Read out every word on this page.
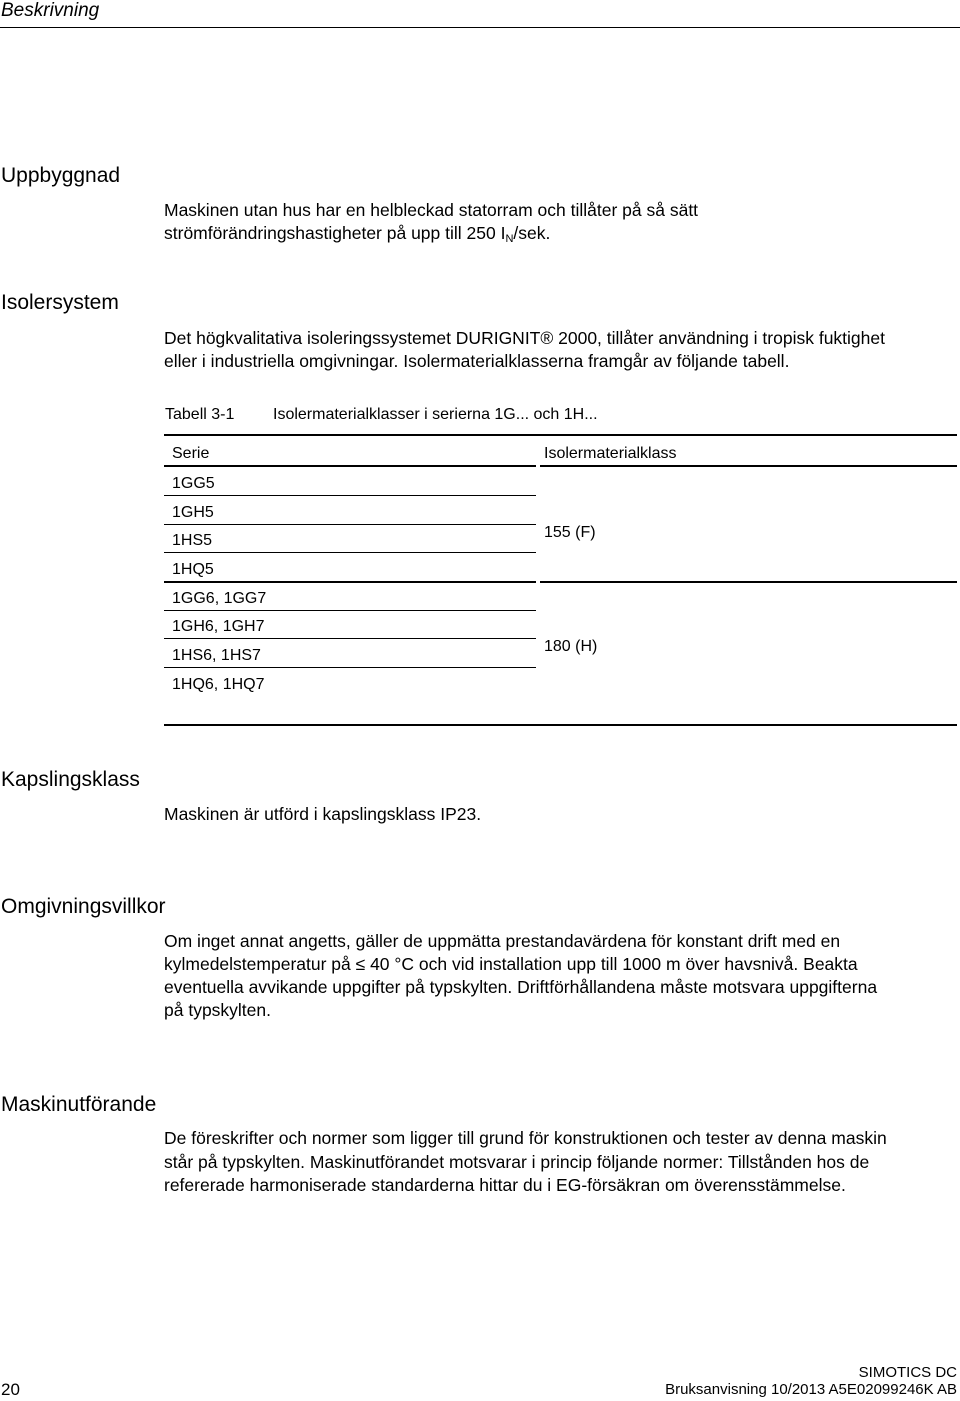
Beskrivning
Uppbyggnad
Maskinen utan hus har en helbleckad statorram och tillåter på så sätt
strömförändringshastigheter på upp till 250 $I_N$/sek.
Isolersystem
Det högkvalitativa isoleringssystemet DURIGNIT® 2000, tillåter användning i tropisk fuktighet
eller i industriella omgivningar. Isolermaterialklasserna framgår av följande tabell.
Tabell 3-1 Isolermaterialklasser i serierna 1G... och 1H...
Serie	Isolermaterialklass
1GG5
1GH5
1HS5
1HQ5
155 (F)
1GG6, 1GG7
1GH6, 1GH7
1HS6, 1HS7
1HQ6, 1HQ7
180 (H)
Kapslingsklass
Maskinen är utförd i kapslingsklass IP23.
Omgivningsvillkor
Om inget annat angetts, gäller de uppmätta prestandavärdena för konstant drift med en
kylmedelstemperatur på ≤ 40 °C och vid installation upp till 1000 m över havsnivå. Beakta
eventuella avvikande uppgifter på typskylten. Driftförhållandena måste motsvara uppgifterna
på typskylten.
Maskinutförande
De föreskrifter och normer som ligger till grund för konstruktionen och tester av denna maskin
står på typskylten. Maskinutförandet motsvarar i princip följande normer: Tillstånden hos de
refererade harmoniserade standarderna hittar du i EG-försäkran om överensstämmelse.
20
SIMOTICS DC
Bruksanvisning 10/2013 A5E02099246K AB
